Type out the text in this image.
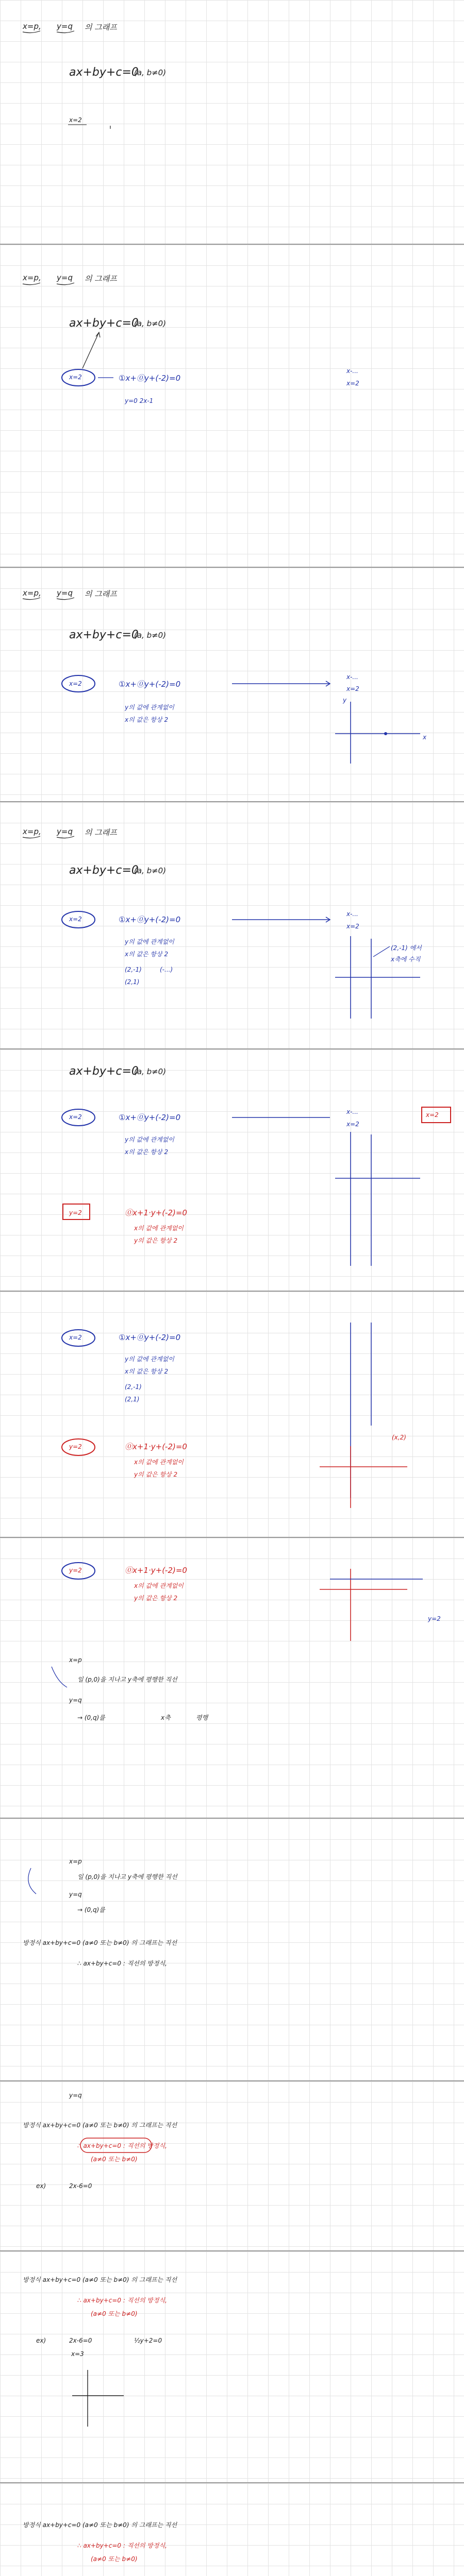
x=p, y=q 의 그래프
ax+by+c=0
(a, b≠0)
x=2
x=p, y=q 의 그래프
ax+by+c=0
(a, b≠0)
x=2	①x+⓪y+(-2)=0
y=0 2x-1
x-...
x=2
x=p, y=q 의 그래프
ax+by+c=0
(a, b≠0)
x=2	①x+⓪y+(-2)=0
y의 값에 관계없이
x의 값은 항상 2
x-...
x=2
y
x
x=p, y=q 의 그래프
ax+by+c=0
(a, b≠0)
x=2	①x+⓪y+(-2)=0
y의 값에 관계없이
x의 값은 항상 2
(2,-1)
(2,1)
(-...)
x-...
x=2
(2,-1) 에서
x축에 수직
ax+by+c=0
(a, b≠0)
x=2	①x+⓪y+(-2)=0
y의 값에 관계없이
x의 값은 항상 2
y=2	⓪x+1·y+(-2)=0
x의 값에 관계없이
y의 값은 항상 2
x=2
x-...
x=2
x=2	①x+⓪y+(-2)=0
y의 값에 관계없이
x의 값은 항상 2
(2,-1)
(2,1)
y=2	⓪x+1·y+(-2)=0
x의 값에 관계없이
y의 값은 항상 2
(x,2)
y=2	⓪x+1·y+(-2)=0
x의 값에 관계없이
y의 값은 항상 2
y=2
x=p
일 (p,0)을 지나고 y축에 평행한 직선
y=q
→ (0,q)를	x축	평행
x=p
일 (p,0)을 지나고 y축에 평행한 직선
y=q
→ (0,q)를
방정식 ax+by+c=0 (a≠0 또는 b≠0) 의 그래프는 직선
∴ ax+by+c=0 : 직선의 방정식,
y=q
방정식 ax+by+c=0 (a≠0 또는 b≠0) 의 그래프는 직선
∴ ax+by+c=0 : 직선의 방정식,
(a≠0 또는 b≠0)
ex)	2x-6=0
방정식 ax+by+c=0 (a≠0 또는 b≠0) 의 그래프는 직선
∴ ax+by+c=0 : 직선의 방정식,
(a≠0 또는 b≠0)
ex)	2x-6=0
x=3
½y+2=0
방정식 ax+by+c=0 (a≠0 또는 b≠0) 의 그래프는 직선
∴ ax+by+c=0 : 직선의 방정식,
(a≠0 또는 b≠0)
